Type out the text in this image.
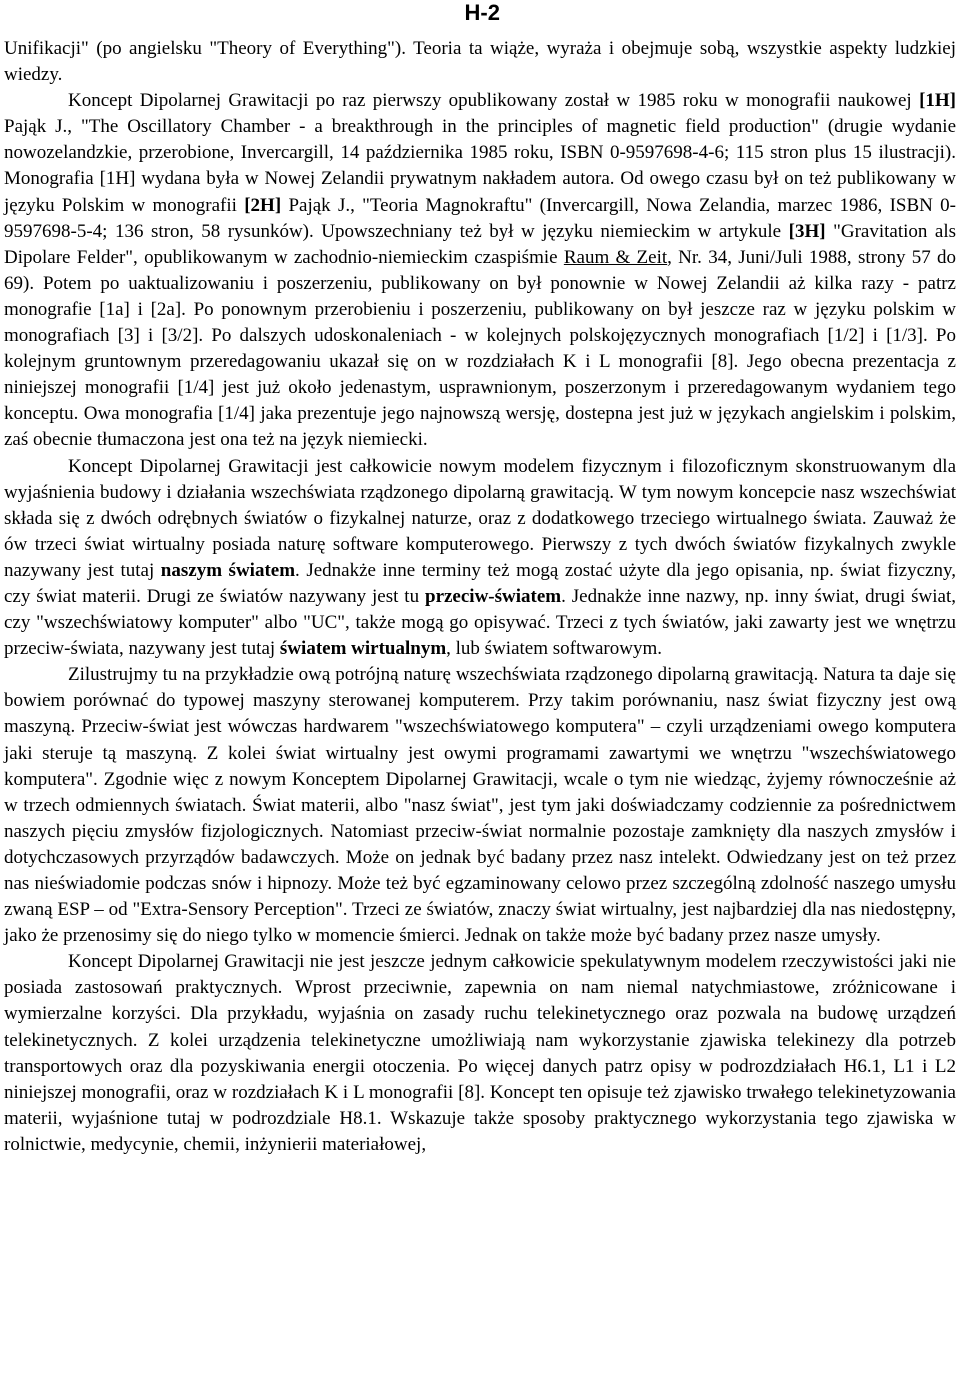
H-2

Unifikacji" (po angielsku "Theory of Everything"). Teoria ta wiąże, wyraża i obejmuje sobą, wszystkie aspekty ludzkiej wiedzy.

Koncept Dipolarnej Grawitacji po raz pierwszy opublikowany został w 1985 roku w monografii naukowej [1H] Pająk J., "The Oscillatory Chamber - a breakthrough in the principles of magnetic field production" (drugie wydanie nowozelandzkie, przerobione, Invercargill, 14 października 1985 roku, ISBN 0-9597698-4-6; 115 stron plus 15 ilustracji). Monografia [1H] wydana była w Nowej Zelandii prywatnym nakładem autora. Od owego czasu był on też publikowany w języku Polskim w monografii [2H] Pająk J., "Teoria Magnokraftu" (Invercargill, Nowa Zelandia, marzec 1986, ISBN 0-9597698-5-4; 136 stron, 58 rysunków). Upowszechniany też był w języku niemieckim w artykule [3H] "Gravitation als Dipolare Felder", opublikowanym w zachodnio-niemieckim czaspiśmie Raum & Zeit, Nr. 34, Juni/Juli 1988, strony 57 do 69). Potem po uaktualizowaniu i poszerzeniu, publikowany on był ponownie w Nowej Zelandii aż kilka razy - patrz monografie [1a] i [2a]. Po ponownym przerobieniu i poszerzeniu, publikowany on był jeszcze raz w języku polskim w monografiach [3] i [3/2]. Po dalszych udoskonaleniach - w kolejnych polskojęzycznych monografiach [1/2] i [1/3]. Po kolejnym gruntownym przeredagowaniu ukazał się on w rozdziałach K i L monografii [8]. Jego obecna prezentacja z niniejszej monografii [1/4] jest już około jedenastym, usprawnionym, poszerzonym i przeredagowanym wydaniem tego konceptu. Owa monografia [1/4] jaka prezentuje jego najnowszą wersję, dostepna jest już w językach angielskim i polskim, zaś obecnie tłumaczona jest ona też na język niemiecki.

Koncept Dipolarnej Grawitacji jest całkowicie nowym modelem fizycznym i filozoficznym skonstruowanym dla wyjaśnienia budowy i działania wszechświata rządzonego dipolarną grawitacją. W tym nowym koncepcie nasz wszechświat składa się z dwóch odrębnych światów o fizykalnej naturze, oraz z dodatkowego trzeciego wirtualnego świata. Zauważ że ów trzeci świat wirtualny posiada naturę software komputerowego. Pierwszy z tych dwóch światów fizykalnych zwykle nazywany jest tutaj naszym światem. Jednakże inne terminy też mogą zostać użyte dla jego opisania, np. świat fizyczny, czy świat materii. Drugi ze światów nazywany jest tu przeciw-światem. Jednakże inne nazwy, np. inny świat, drugi świat, czy "wszechświatowy komputer" albo "UC", także mogą go opisywać. Trzeci z tych światów, jaki zawarty jest we wnętrzu przeciw-świata, nazywany jest tutaj światem wirtualnym, lub światem softwarowym.

Zilustrujmy tu na przykładzie ową potrójną naturę wszechświata rządzonego dipolarną grawitacją. Natura ta daje się bowiem porównać do typowej maszyny sterowanej komputerem. Przy takim porównaniu, nasz świat fizyczny jest ową maszyną. Przeciw-świat jest wówczas hardwarem "wszechświatowego komputera" – czyli urządzeniami owego komputera jaki steruje tą maszyną. Z kolei świat wirtualny jest owymi programami zawartymi we wnętrzu "wszechświatowego komputera". Zgodnie więc z nowym Konceptem Dipolarnej Grawitacji, wcale o tym nie wiedząc, żyjemy równocześnie aż w trzech odmiennych światach. Świat materii, albo "nasz świat", jest tym jaki doświadczamy codziennie za pośrednictwem naszych pięciu zmysłów fizjologicznych. Natomiast przeciw-świat normalnie pozostaje zamknięty dla naszych zmysłów i dotychczasowych przyrządów badawczych. Może on jednak być badany przez nasz intelekt. Odwiedzany jest on też przez nas nieświadomie podczas snów i hipnozy. Może też być egzaminowany celowo przez szczególną zdolność naszego umysłu zwaną ESP – od "Extra-Sensory Perception". Trzeci ze światów, znaczy świat wirtualny, jest najbardziej dla nas niedostępny, jako że przenosimy się do niego tylko w momencie śmierci. Jednak on także może być badany przez nasze umysły.

Koncept Dipolarnej Grawitacji nie jest jeszcze jednym całkowicie spekulatywnym modelem rzeczywistości jaki nie posiada zastosowań praktycznych. Wprost przeciwnie, zapewnia on nam niemal natychmiastowe, zróżnicowane i wymierzalne korzyści. Dla przykładu, wyjaśnia on zasady ruchu telekinetycznego oraz pozwala na budowę urządzeń telekinetycznych. Z kolei urządzenia telekinetyczne umożliwiają nam wykorzystanie zjawiska telekinezy dla potrzeb transportowych oraz dla pozyskiwania energii otoczenia. Po więcej danych patrz opisy w podrozdziałach H6.1, L1 i L2 niniejszej monografii, oraz w rozdziałach K i L monografii [8]. Koncept ten opisuje też zjawisko trwałego telekinetyzowania materii, wyjaśnione tutaj w podrozdziale H8.1. Wskazuje także sposoby praktycznego wykorzystania tego zjawiska w rolnictwie, medycynie, chemii, inżynierii materiałowej,
